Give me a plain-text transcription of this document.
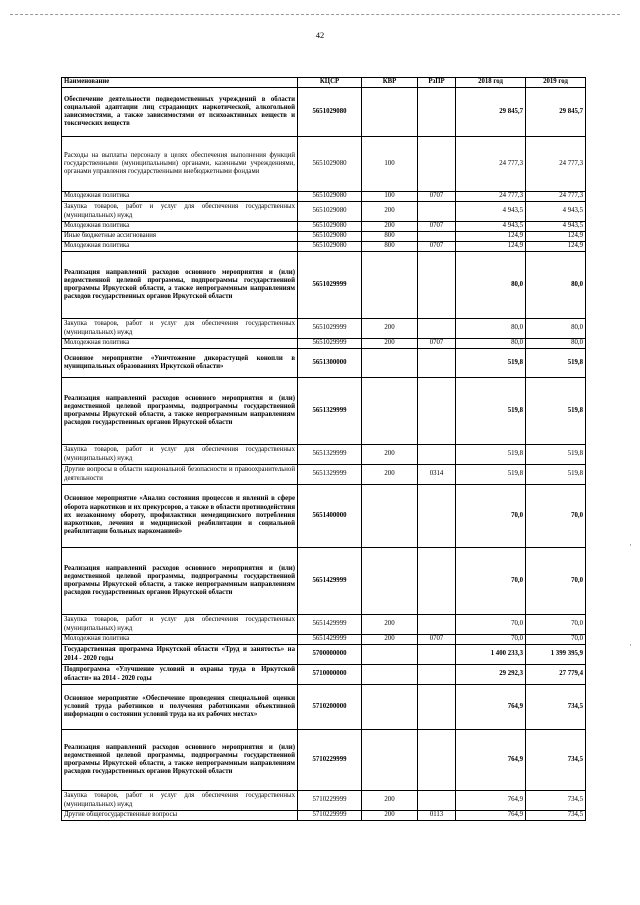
42
Наименование	КЦСР	КВР	РзПР	2018 год	2019 год
Обеспечение деятельности подведомственных учреждений в области социальной адаптации лиц страдающих наркотической, алкогольной зависимостями, а также зависимостями от психоактивных веществ и токсических веществ	5651029080			29 845,7	29 845,7
Расходы на выплаты персоналу в целях обеспечения выполнения функций государственными (муниципальными) органами, казенными учреждениями, органами управления государственными внебюджетными фондами	5651029080	100		24 777,3	24 777,3
Молодежная политика	5651029080	100	0707	24 777,3	24 777,3
Закупка товаров, работ и услуг для обеспечения государственных (муниципальных) нужд	5651029080	200		4 943,5	4 943,5
Молодежная политика	5651029080	200	0707	4 943,5	4 943,5
Иные бюджетные ассигнования	5651029080	800		124,9	124,9
Молодежная политика	5651029080	800	0707	124,9	124,9
Реализация направлений расходов основного мероприятия и (или) ведомственной целевой программы, подпрограммы государственной программы Иркутской области, а также непрограммным направлениям расходов государственных органов Иркутской области	5651029999			80,0	80,0
Закупка товаров, работ и услуг для обеспечения государственных (муниципальных) нужд	5651029999	200		80,0	80,0
Молодежная политика	5651029999	200	0707	80,0	80,0
Основное мероприятие «Уничтожение дикорастущей конопли в муниципальных образованиях Иркутской области»	5651300000			519,8	519,8
Реализация направлений расходов основного мероприятия и (или) ведомственной целевой программы, подпрограммы государственной программы Иркутской области, а также непрограммным направлениям расходов государственных органов Иркутской области	5651329999			519,8	519,8
Закупка товаров, работ и услуг для обеспечения государственных (муниципальных) нужд	5651329999	200		519,8	519,8
Другие вопросы в области национальной безопасности и правоохранительной деятельности	5651329999	200	0314	519,8	519,8
Основное мероприятие «Анализ состояния процессов и явлений в сфере оборота наркотиков и их прекурсоров, а также в области противодействия их незаконному обороту, профилактики немедицинского потребления наркотиков, лечения и медицинской реабилитации и социальной реабилитации больных наркоманией»	5651400000			70,0	70,0
Реализация направлений расходов основного мероприятия и (или) ведомственной целевой программы, подпрограммы государственной программы Иркутской области, а также непрограммным направлениям расходов государственных органов Иркутской области	5651429999			70,0	70,0
Закупка товаров, работ и услуг для обеспечения государственных (муниципальных) нужд	5651429999	200		70,0	70,0
Молодежная политика	5651429999	200	0707	70,0	70,0
Государственная программа Иркутской области «Труд и занятость» на 2014 - 2020 годы	5700000000			1 400 233,3	1 399 395,9
Подпрограмма «Улучшение условий и охраны труда в Иркутской области» на 2014 - 2020 годы	5710000000			29 292,3	27 779,4
Основное мероприятие «Обеспечение проведения специальной оценки условий труда работников и получения работниками объективной информации о состоянии условий труда на их рабочих местах»	5710200000			764,9	734,5
Реализация направлений расходов основного мероприятия и (или) ведомственной целевой программы, подпрограммы государственной программы Иркутской области, а также непрограммным направлениям расходов государственных органов Иркутской области	5710229999			764,9	734,5
Закупка товаров, работ и услуг для обеспечения государственных (муниципальных) нужд	5710229999	200		764,9	734,5
Другие общегосударственные вопросы	5710229999	200	0113	764,9	734,5
·
·
